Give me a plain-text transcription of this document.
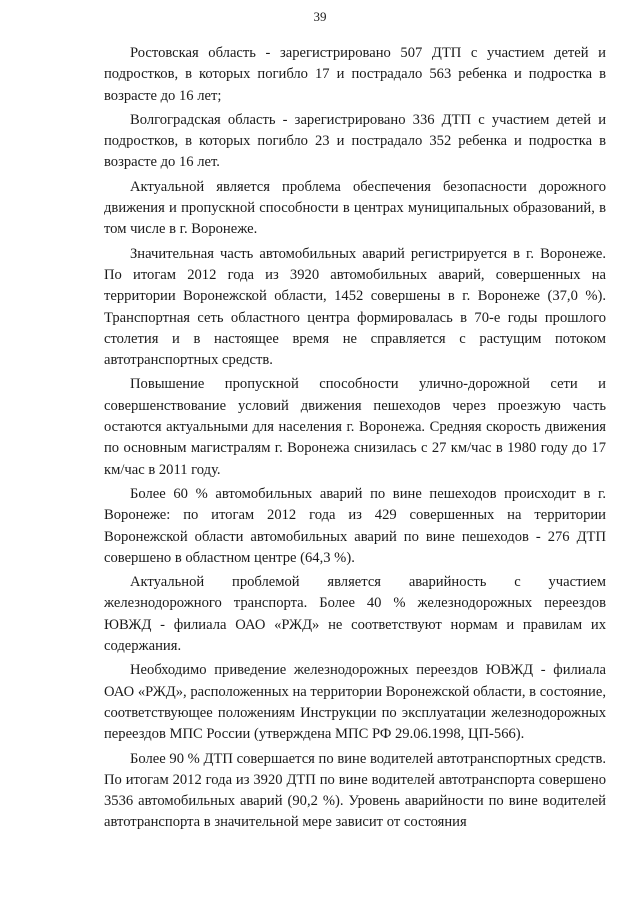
39

Ростовская область - зарегистрировано 507 ДТП с участием детей и подростков, в которых погибло 17 и пострадало 563 ребенка и подростка в возрасте до 16 лет;

Волгоградская область - зарегистрировано 336 ДТП с участием детей и подростков, в которых погибло 23 и пострадало 352 ребенка и подростка в возрасте до 16 лет.

Актуальной является проблема обеспечения безопасности дорожного движения и пропускной способности в центрах муниципальных образований, в том числе в г. Воронеже.

Значительная часть автомобильных аварий регистрируется в г. Воронеже. По итогам 2012 года из 3920 автомобильных аварий, совершенных на территории Воронежской области, 1452 совершены в г. Воронеже (37,0 %). Транспортная сеть областного центра формировалась в 70-е годы прошлого столетия и в настоящее время не справляется с растущим потоком автотранспортных средств.

Повышение пропускной способности улично-дорожной сети и совершенствование условий движения пешеходов через проезжую часть остаются актуальными для населения г. Воронежа. Средняя скорость движения по основным магистралям г. Воронежа снизилась с 27 км/час в 1980 году до 17 км/час в 2011 году.

Более 60 % автомобильных аварий по вине пешеходов происходит в г. Воронеже: по итогам 2012 года из 429 совершенных на территории Воронежской области автомобильных аварий по вине пешеходов - 276 ДТП совершено в областном центре (64,3 %).

Актуальной проблемой является аварийность с участием железнодорожного транспорта. Более 40 % железнодорожных переездов ЮВЖД - филиала ОАО «РЖД» не соответствуют нормам и правилам их содержания.

Необходимо приведение железнодорожных переездов ЮВЖД - филиала ОАО «РЖД», расположенных на территории Воронежской области, в состояние, соответствующее положениям Инструкции по эксплуатации железнодорожных переездов МПС России (утверждена МПС РФ 29.06.1998, ЦП-566).

Более 90 % ДТП совершается по вине водителей автотранспортных средств. По итогам 2012 года из 3920 ДТП по вине водителей автотранспорта совершено 3536 автомобильных аварий (90,2 %). Уровень аварийности по вине водителей автотранспорта в значительной мере зависит от состояния
